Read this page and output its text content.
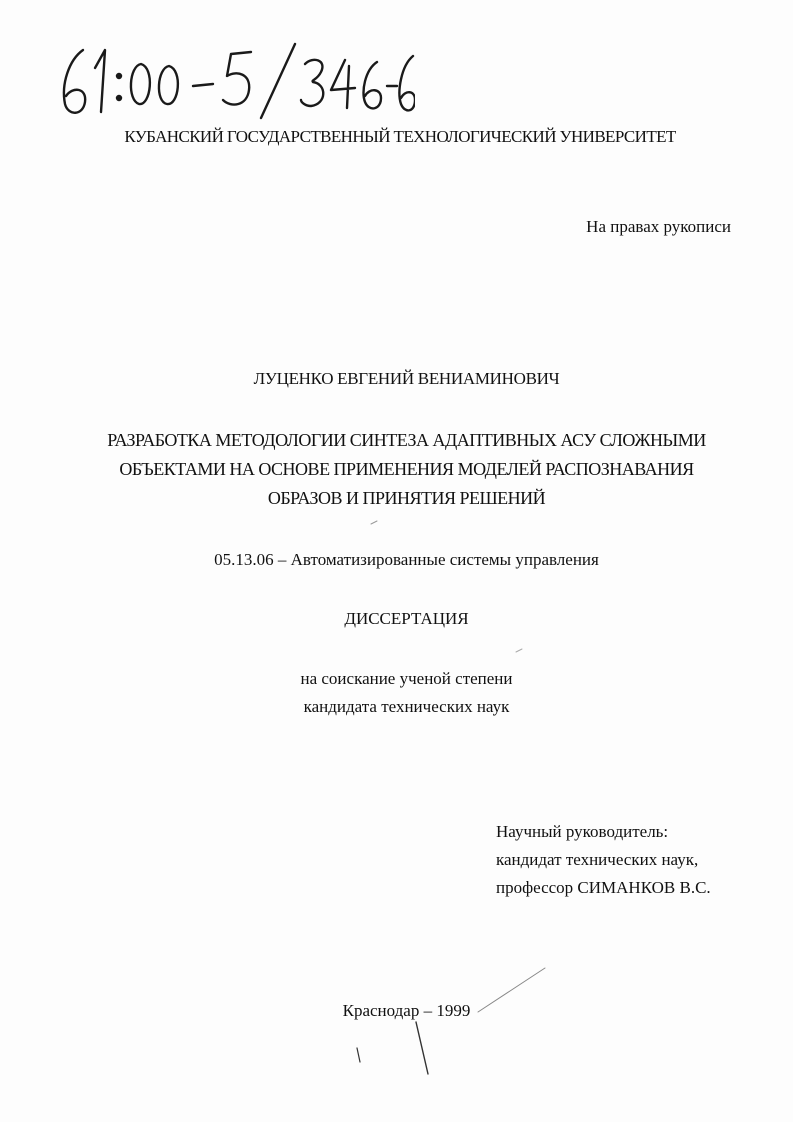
КУБАНСКИЙ ГОСУДАРСТВЕННЫЙ ТЕХНОЛОГИЧЕСКИЙ УНИВЕРСИТЕТ
На правах рукописи
ЛУЦЕНКО ЕВГЕНИЙ ВЕНИАМИНОВИЧ
РАЗРАБОТКА МЕТОДОЛОГИИ СИНТЕЗА АДАПТИВНЫХ АСУ СЛОЖНЫМИ
ОБЪЕКТАМИ НА ОСНОВЕ ПРИМЕНЕНИЯ МОДЕЛЕЙ РАСПОЗНАВАНИЯ
ОБРАЗОВ И ПРИНЯТИЯ РЕШЕНИЙ
05.13.06 – Автоматизированные системы управления
ДИССЕРТАЦИЯ
на соискание ученой степени
кандидата технических наук
Научный руководитель:
кандидат технических наук,
профессор СИМАНКОВ В.С.
Краснодар – 1999
